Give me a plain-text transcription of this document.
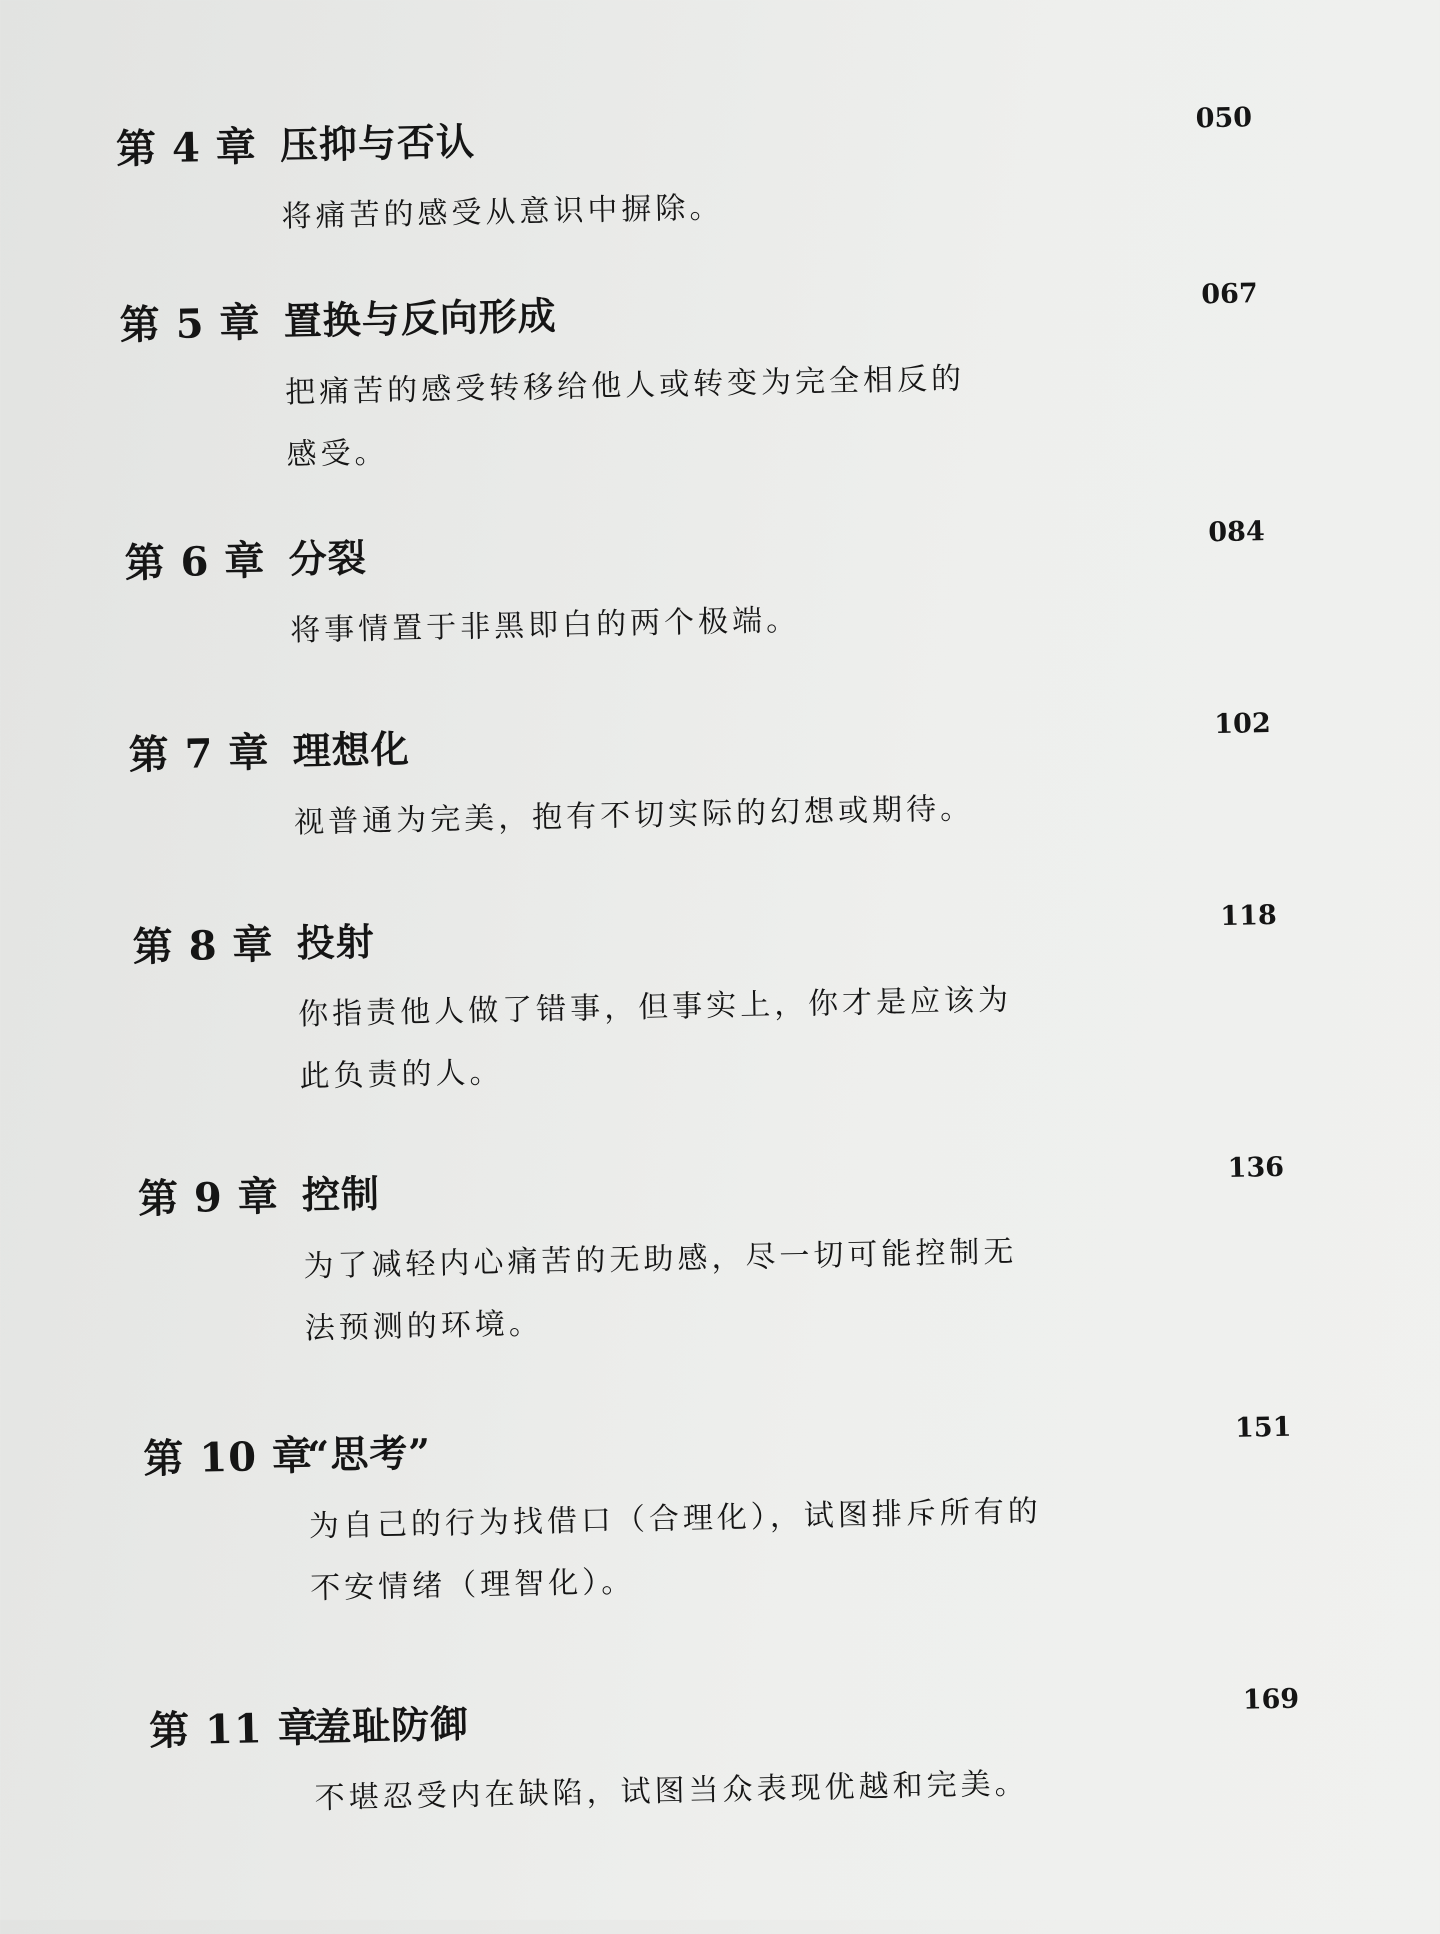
第 4 章 压抑与否认
050
将痛苦的感受从意识中摒除。
第 5 章 置换与反向形成	067
把痛苦的感受转移给他人或转变为完全相反的
感受。
第 6 章 分裂
084
将事情置于非黑即白的两个极端。
第 7 章 理想化
102
视普通为完美，抱有不切实际的幻想或期待。
第 8 章 投射
118
你指责他人做了错事，但事实上，你才是应该为
此负责的人。
第 9 章 控制
136
为了减轻内心痛苦的无助感，尽一切可能控制无
法预测的环境。
第 10 章
“思考”
151
为自己的行为找借口（合理化），试图排斥所有的
不安情绪（理智化）。
第 11 章
羞耻防御
169
不堪忍受内在缺陷，试图当众表现优越和完美。
